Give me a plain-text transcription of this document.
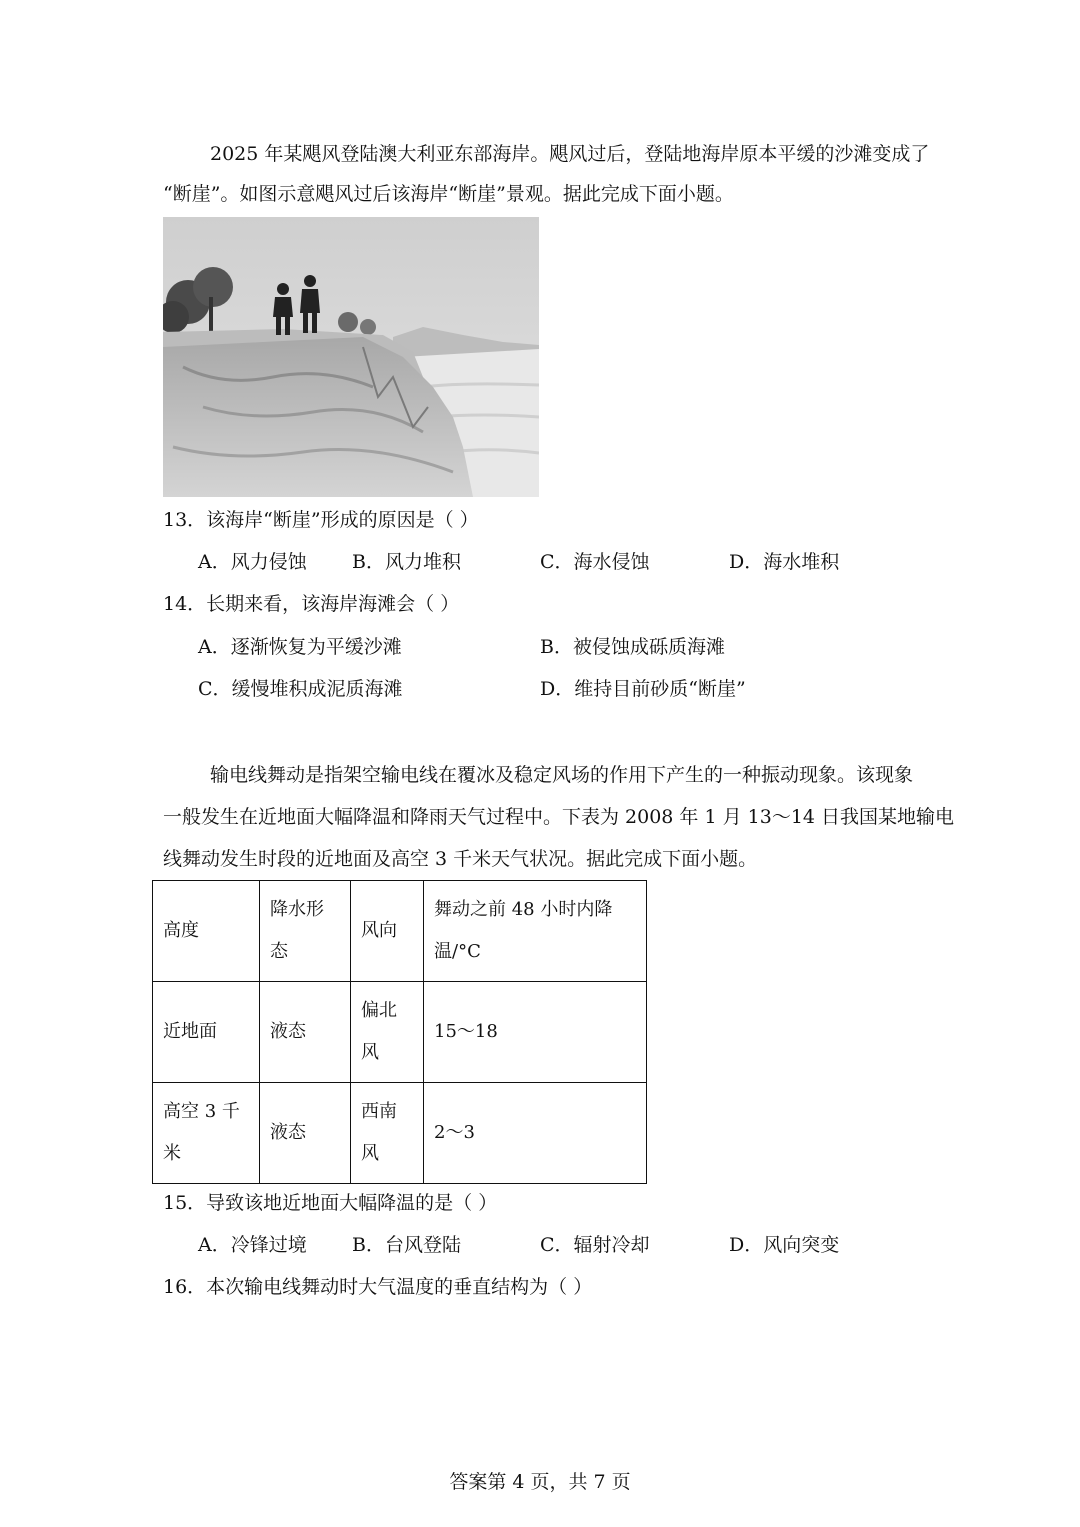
2025 年某飓风登陆澳大利亚东部海岸。飓风过后，登陆地海岸原本平缓的沙滩变成了
“断崖”。如图示意飓风过后该海岸“断崖”景观。据此完成下面小题。
13．该海岸“断崖”形成的原因是（ ）
A．风力侵蚀 B．风力堆积	C．海水侵蚀	D．海水堆积
14．长期来看，该海岸海滩会（ ）
A．逐渐恢复为平缓沙滩	B．被侵蚀成砾质海滩
C．缓慢堆积成泥质海滩	D．维持目前砂质“断崖”
输电线舞动是指架空输电线在覆冰及稳定风场的作用下产生的一种振动现象。该现象
一般发生在近地面大幅降温和降雨天气过程中。下表为 2008 年 1 月 13～14 日我国某地输电
线舞动发生时段的近地面及高空 3 千米天气状况。据此完成下面小题。
高度	降水形态	风向	舞动之前 48 小时内降温/°C
近地面	液态	偏北风	15～18
高空 3 千米	液态	西南风	2～3
15．导致该地近地面大幅降温的是（ ）
A．冷锋过境 B．台风登陆	C．辐射冷却	D．风向突变
16．本次输电线舞动时大气温度的垂直结构为（ ）
答案第 4 页，共 7 页
